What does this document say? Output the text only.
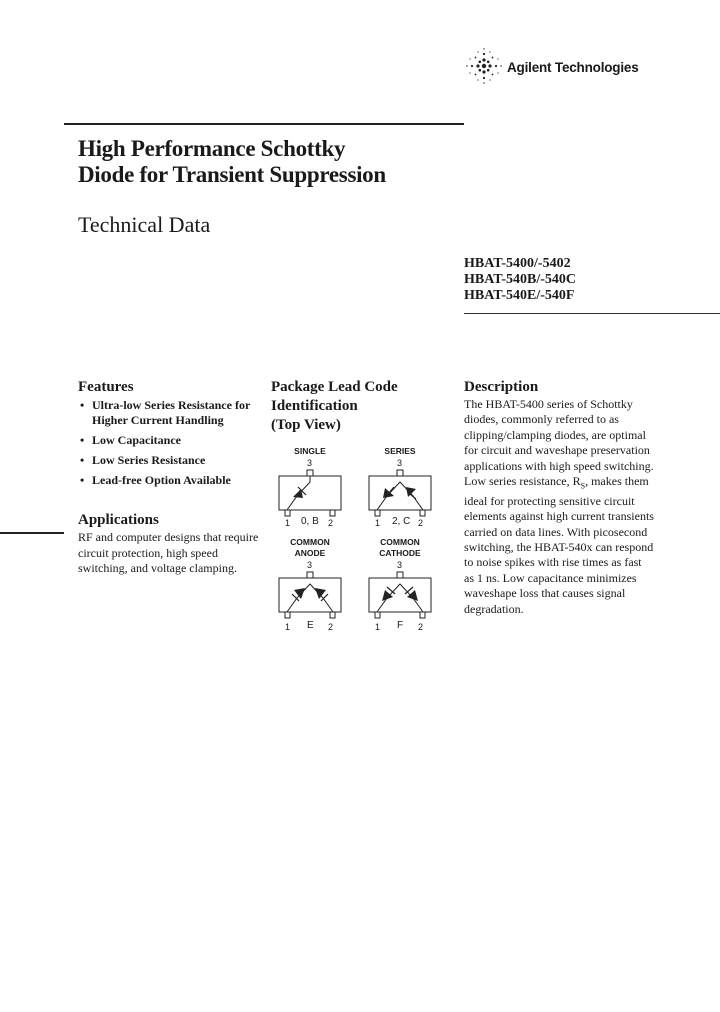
Agilent Technologies
High Performance Schottky
Diode for Transient Suppression
Technical Data
HBAT-5400/-5402
HBAT-540B/-540C
HBAT-540E/-540F
Features
• Ultra-low Series Resistance for Higher Current Handling
• Low Capacitance
• Low Series Resistance
• Lead-free Option Available
Applications
RF and computer designs that require circuit protection, high speed switching, and voltage clamping.
Package Lead Code
Identification
(Top View)
SINGLE
3
1 0, B 2
SERIES
3
1 2, C 2
COMMON
ANODE
3
1 E 2
COMMON
CATHODE
3
1 F 2
Description
The HBAT-5400 series of Schottky diodes, commonly referred to as clipping/clamping diodes, are optimal for circuit and waveshape preservation applications with high speed switching. Low series resistance, $R_S$, makes them ideal for protecting sensitive circuit elements against high current transients carried on data lines. With picosecond switching, the HBAT-540x can respond to noise spikes with rise times as fast as 1 ns. Low capacitance minimizes waveshape loss that causes signal degradation.
